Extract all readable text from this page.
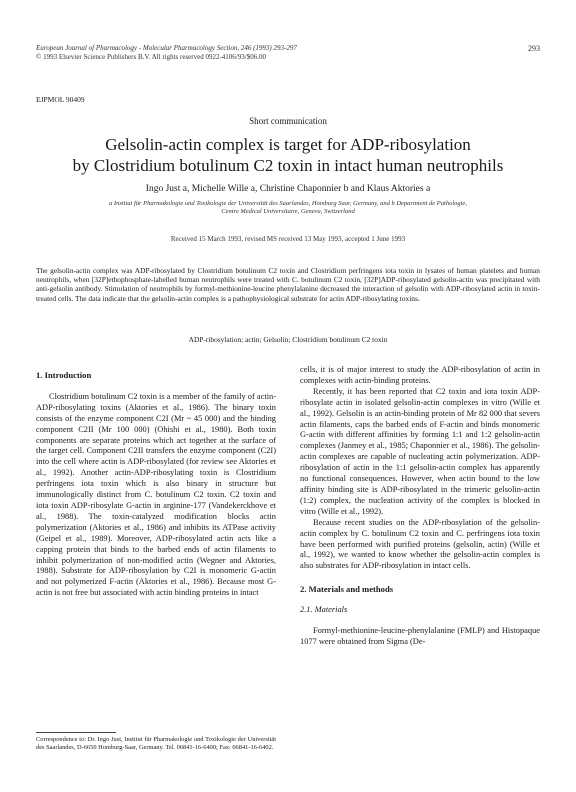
European Journal of Pharmacology - Molecular Pharmacology Section, 246 (1993) 293-297
© 1993 Elsevier Science Publishers B.V. All rights reserved 0922-4106/93/$06.00
293
EJPMOL 90409
Short communication
Gelsolin-actin complex is target for ADP-ribosylation
by Clostridium botulinum C2 toxin in intact human neutrophils
Ingo Just a, Michelle Wille a, Christine Chaponnier b and Klaus Aktories a
a Institut für Pharmakologie und Toxikologie der Universität des Saarlandes, Homburg Saar, Germany, and b Department de Pathologie,
Centre Medical Universitaire, Geneva, Switzerland
Received 15 March 1993, revised MS received 13 May 1993, accepted 1 June 1993
The gelsolin-actin complex was ADP-ribosylated by Clostridium botulinum C2 toxin and Clostridium perfringens iota toxin in lysates of human platelets and human neutrophils, when [32P]ethophosphate-labelled human neutrophils were treated with C. botulinum C2 toxin, [32P]ADP-ribosylated gelsolin-actin was precipitated with anti-gelsolin antibody. Stimulation of neutrophils by formyl-methionine-leucine phenylalanine decreased the interaction of gelsolin with ADP-ribosylated actin in toxin-treated cells. The data indicate that the gelsolin-actin complex is a pathophysiological substrate for actin ADP-ribosylating toxins.
ADP-ribosylation; actin; Gelsolin; Clostridium botulinum C2 toxin
1. Introduction

Clostridium botulinum C2 toxin is a member of the family of actin-ADP-ribosylating toxins (Aktories et al., 1986). The binary toxin consists of the enzyme component C2I (Mr ~ 45 000) and the binding component C2II (Mr 100 000) (Ohishi et al., 1980). Both toxin components are separate proteins which act together at the surface of the target cell. Component C2II transfers the enzyme component (C2I) into the cell where actin is ADP-ribosylated (for review see Aktories et al., 1992). Another actin-ADP-ribosylating toxin is Clostridium perfringens iota toxin which is also binary in structure but immunologically distinct from C. botulinum C2 toxin. C2 toxin and iota toxin ADP-ribosylate G-actin in arginine-177 (Vandekerckhove et al., 1988). The toxin-catalyzed modification blocks actin polymerization (Aktories et al., 1986) and inhibits its ATPase activity (Geipel et al., 1989). Moreover, ADP-ribosylated actin acts like a capping protein that binds to the barbed ends of actin filaments to inhibit polymerization of non-modified actin (Wegner and Aktories, 1988). Substrate for ADP-ribosylation by C2I is monomeric G-actin and not polymerized F-actin (Aktories et al., 1986). Because most G-actin is not free but associated with actin binding proteins in intact

Correspondence to: Dr. Ingo Just, Institut für Pharmakologie und Toxikologie der Universität des Saarlandes, D-6650 Homburg-Saar, Germany. Tel. 06841-16-6400; Fax: 06841-16-6402.

cells, it is of major interest to study the ADP-ribosylation of actin in complexes with actin-binding proteins.

Recently, it has been reported that C2 toxin and iota toxin ADP-ribosylate actin in isolated gelsolin-actin complexes in vitro (Wille et al., 1992). Gelsolin is an actin-binding protein of Mr 82 000 that severs actin filaments, caps the barbed ends of F-actin and binds monomeric G-actin with different affinities by forming 1:1 and 1:2 gelsolin-actin complexes (Janmey et al., 1985; Chaponnier et al., 1986). The gelsolin-actin complexes are capable of nucleating actin polymerization. ADP-ribosylation of actin in the 1:1 gelsolin-actin complex has apparently no functional consequences. However, when actin bound to the low affinity binding site is ADP-ribosylated in the trimeric gelsolin-actin (1:2) complex, the nucleation activity of the complex is blocked in vitro (Wille et al., 1992).

Because recent studies on the ADP-ribosylation of the gelsolin-actin complex by C. botulinum C2 toxin and C. perfringens iota toxin have been performed with purified proteins (gelsolin, actin) (Wille et al., 1992), we wanted to know whether the gelsolin-actin complex is also substrates for ADP-ribosylation in intact cells.

2. Materials and methods
2.1. Materials

Formyl-methionine-leucine-phenylalanine (FMLP) and Histopaque 1077 were obtained from Sigma (De-
